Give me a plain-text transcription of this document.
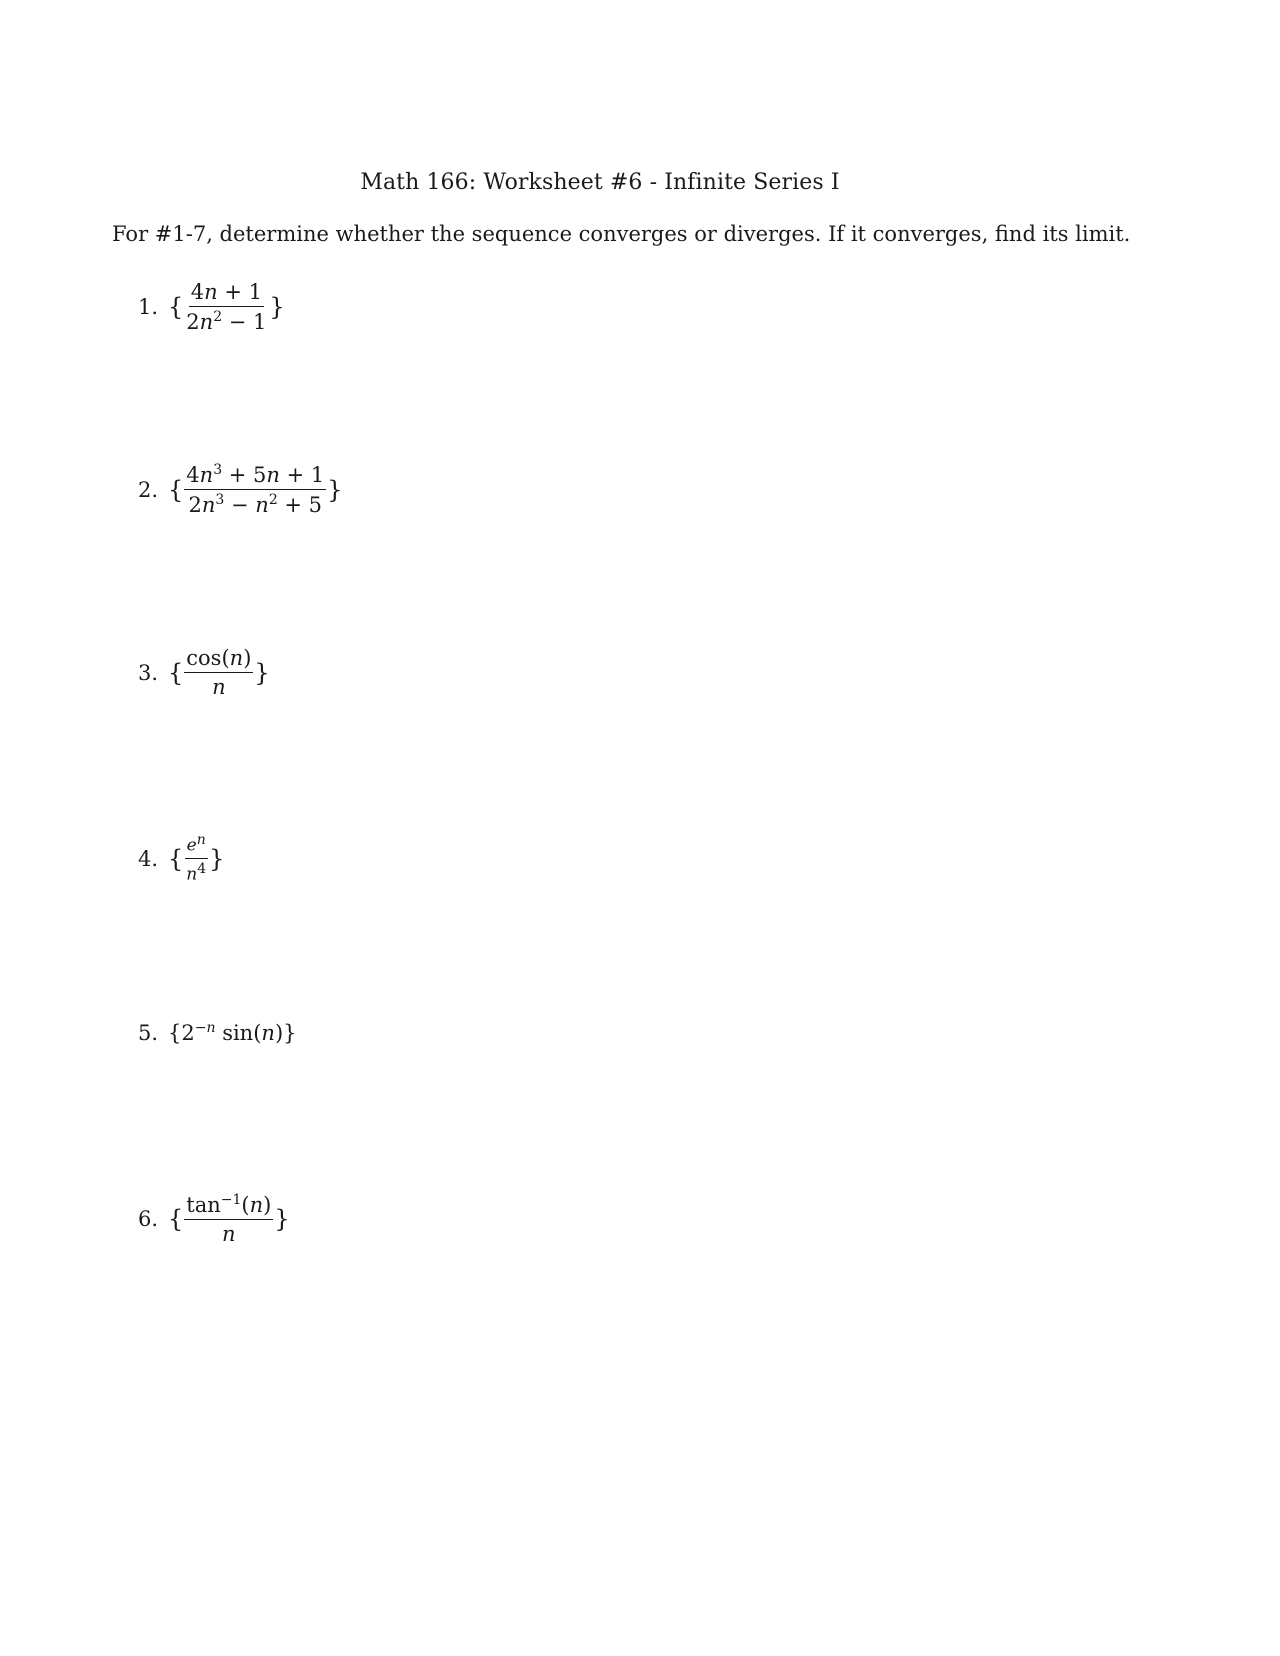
Math 166: Worksheet #6 - Infinite Series I
For #1-7, determine whether the sequence converges or diverges. If it converges, find its limit.
1. { $\frac{4n + 1}{2n^2 - 1}$ }
2. { $\frac{4n^3 + 5n + 1}{2n^3 - n^2 + 5}$ }
3. { $\frac{\cos(n)}{n}$ }
4. { $\frac{e^n}{n^4}$ }
5. { $2^{-n}$ sin(n) }
6. { $\frac{\tan^{-1}(n)}{n}$ }
